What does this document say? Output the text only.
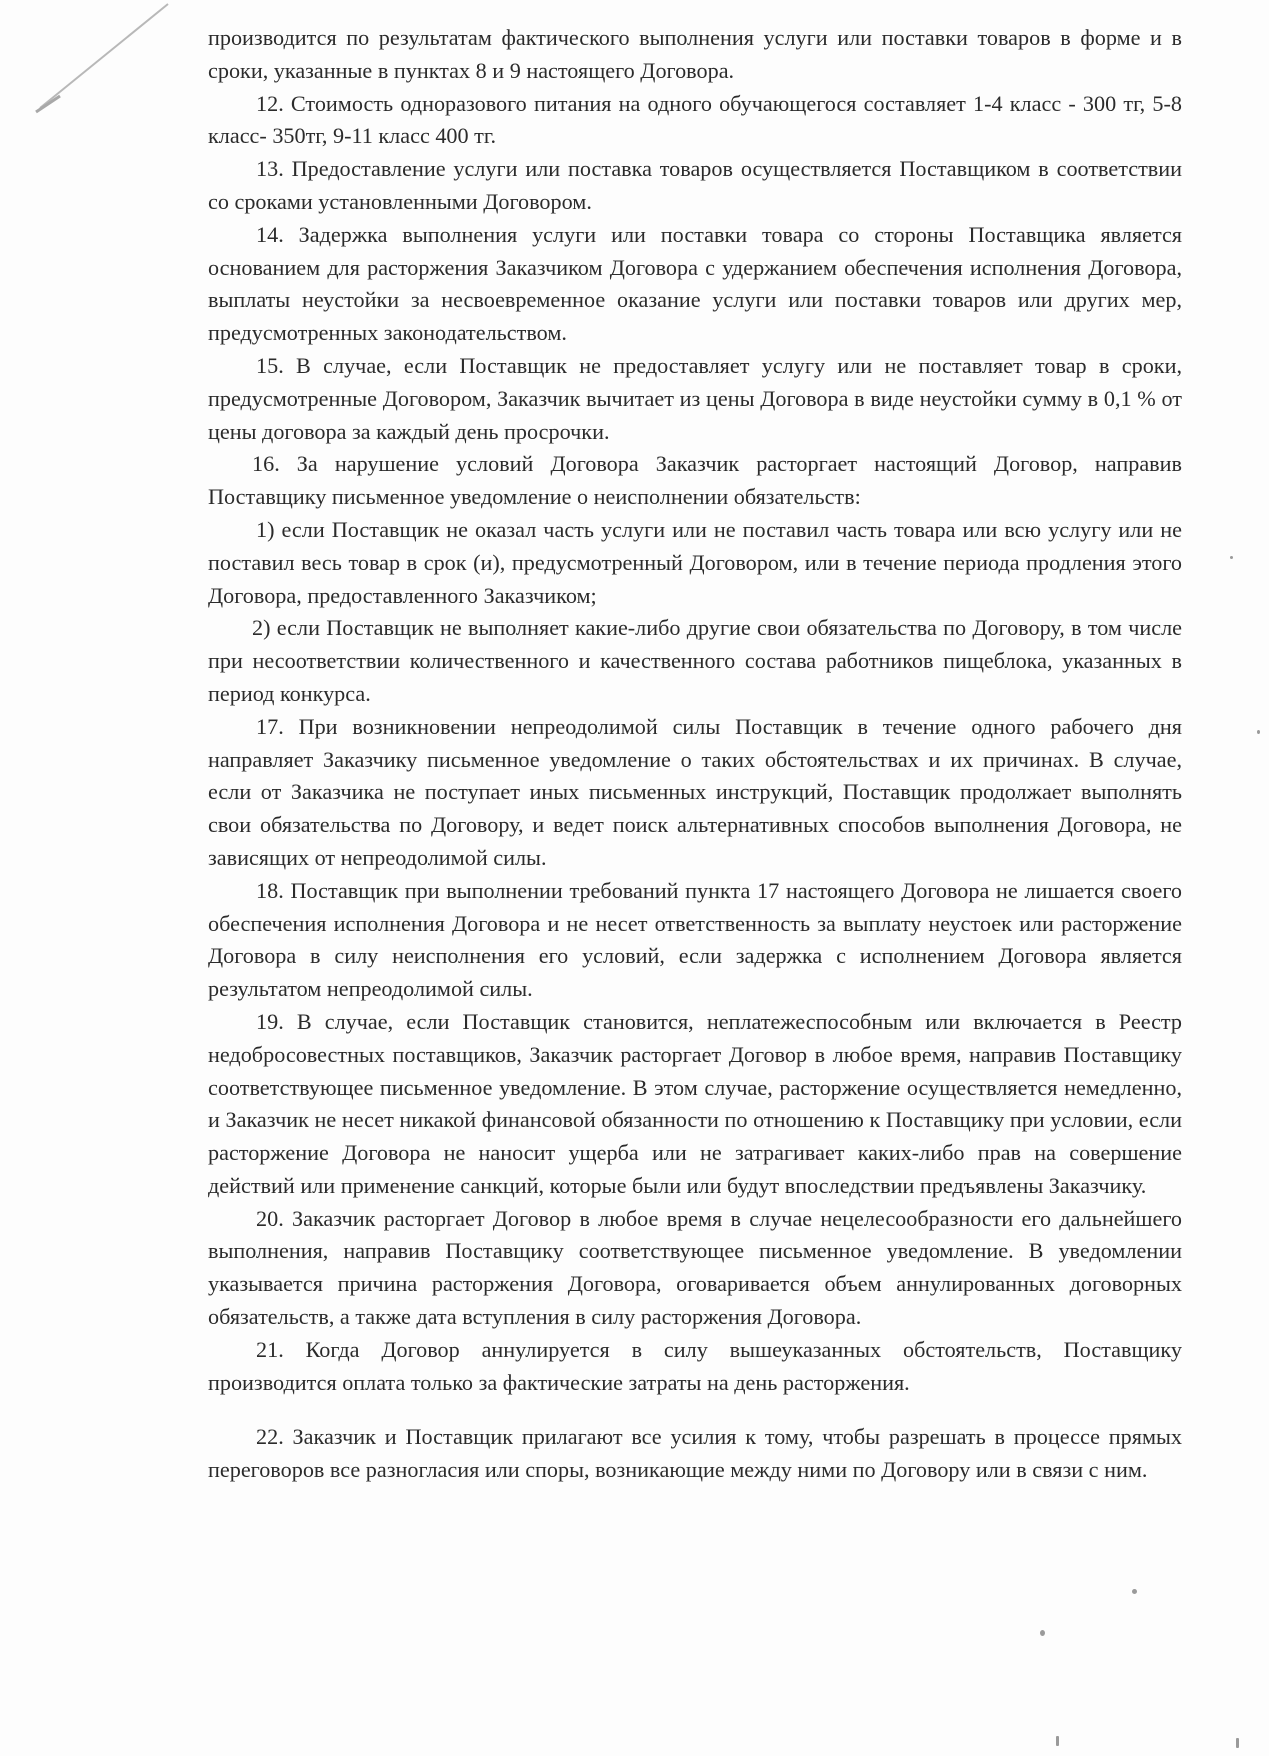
производится по результатам фактического выполнения услуги или поставки товаров в форме и в сроки, указанные в пунктах 8 и 9 настоящего Договора.

12. Стоимость одноразового питания на одного обучающегося составляет 1-4 класс - 300 тг, 5-8 класс- 350тг, 9-11 класс 400 тг.

13. Предоставление услуги или поставка товаров осуществляется Поставщиком в соответствии со сроками установленными Договором.

14. Задержка выполнения услуги или поставки товара со стороны Поставщика является основанием для расторжения Заказчиком Договора с удержанием обеспечения исполнения Договора, выплаты неустойки за несвоевременное оказание услуги или поставки товаров или других мер, предусмотренных законодательством.

15. В случае, если Поставщик не предоставляет услугу или не поставляет товар в сроки, предусмотренные Договором, Заказчик вычитает из цены Договора в виде неустойки сумму в 0,1 % от цены договора за каждый день просрочки.

16. За нарушение условий Договора Заказчик расторгает настоящий Договор, направив Поставщику письменное уведомление о неисполнении обязательств:

1) если Поставщик не оказал часть услуги или не поставил часть товара или всю услугу или не поставил весь товар в срок (и), предусмотренный Договором, или в течение периода продления этого Договора, предоставленного Заказчиком;

2) если Поставщик не выполняет какие-либо другие свои обязательства по Договору, в том числе при несоответствии количественного и качественного состава работников пищеблока, указанных в период конкурса.

17. При возникновении непреодолимой силы Поставщик в течение одного рабочего дня направляет Заказчику письменное уведомление о таких обстоятельствах и их причинах. В случае, если от Заказчика не поступает иных письменных инструкций, Поставщик продолжает выполнять свои обязательства по Договору, и ведет поиск альтернативных способов выполнения Договора, не зависящих от непреодолимой силы.

18. Поставщик при выполнении требований пункта 17 настоящего Договора не лишается своего обеспечения исполнения Договора и не несет ответственность за выплату неустоек или расторжение Договора в силу неисполнения его условий, если задержка с исполнением Договора является результатом непреодолимой силы.

19. В случае, если Поставщик становится, неплатежеспособным или включается в Реестр недобросовестных поставщиков, Заказчик расторгает Договор в любое время, направив Поставщику соответствующее письменное уведомление. В этом случае, расторжение осуществляется немедленно, и Заказчик не несет никакой финансовой обязанности по отношению к Поставщику при условии, если расторжение Договора не наносит ущерба или не затрагивает каких-либо прав на совершение действий или применение санкций, которые были или будут впоследствии предъявлены Заказчику.

20. Заказчик расторгает Договор в любое время в случае нецелесообразности его дальнейшего выполнения, направив Поставщику соответствующее письменное уведомление. В уведомлении указывается причина расторжения Договора, оговаривается объем аннулированных договорных обязательств, а также дата вступления в силу расторжения Договора.

21. Когда Договор аннулируется в силу вышеуказанных обстоятельств, Поставщику производится оплата только за фактические затраты на день расторжения.

22. Заказчик и Поставщик прилагают все усилия к тому, чтобы разрешать в процессе прямых переговоров все разногласия или споры, возникающие между ними по Договору или в связи с ним.
